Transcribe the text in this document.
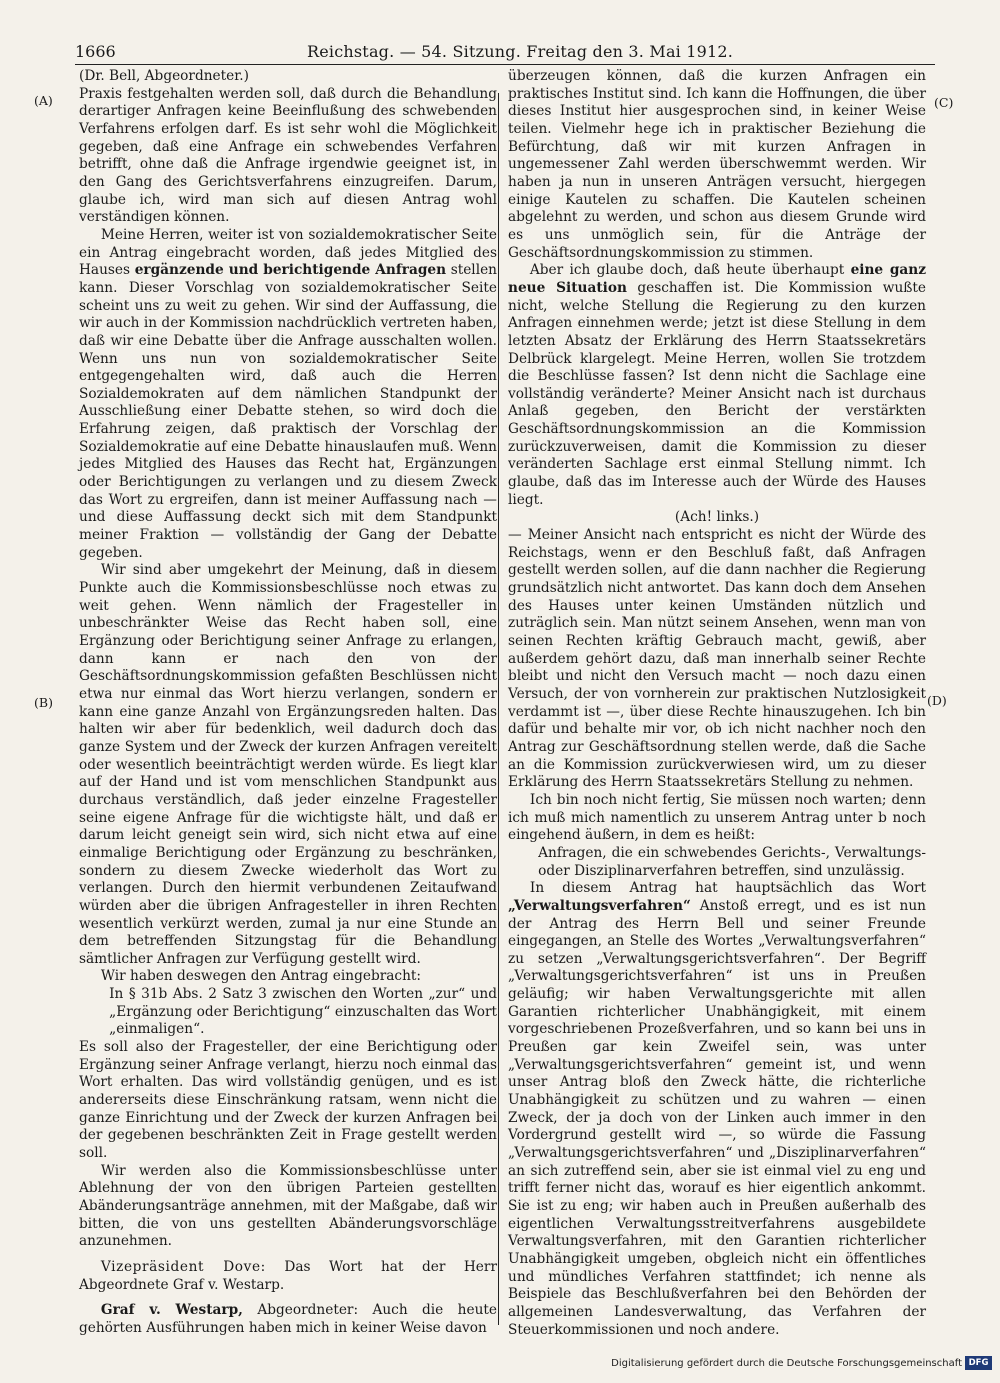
1666	Reichstag. — 54. Sitzung. Freitag den 3. Mai 1912.
(A)
(B)
(C)
(D)

(Dr. Bell, Abgeordneter.)

Praxis festgehalten werden soll, daß durch die Behandlung derartiger Anfragen keine Beeinflußung des schwebenden Verfahrens erfolgen darf. Es ist sehr wohl die Möglichkeit gegeben, daß eine Anfrage ein schwebendes Verfahren betrifft, ohne daß die Anfrage irgendwie geeignet ist, in den Gang des Gerichtsverfahrens einzugreifen. Darum, glaube ich, wird man sich auf diesen Antrag wohl verständigen können.

Meine Herren, weiter ist von sozialdemokratischer Seite ein Antrag eingebracht worden, daß jedes Mitglied des Hauses ergänzende und berichtigende Anfragen stellen kann. Dieser Vorschlag von sozialdemokratischer Seite scheint uns zu weit zu gehen. Wir sind der Auffassung, die wir auch in der Kommission nachdrücklich vertreten haben, daß wir eine Debatte über die Anfrage ausschalten wollen. Wenn uns nun von sozialdemokratischer Seite entgegengehalten wird, daß auch die Herren Sozialdemokraten auf dem nämlichen Standpunkt der Ausschließung einer Debatte stehen, so wird doch die Erfahrung zeigen, daß praktisch der Vorschlag der Sozialdemokratie auf eine Debatte hinauslaufen muß. Wenn jedes Mitglied des Hauses das Recht hat, Ergänzungen oder Berichtigungen zu verlangen und zu diesem Zweck das Wort zu ergreifen, dann ist meiner Auffassung nach — und diese Auffassung deckt sich mit dem Standpunkt meiner Fraktion — vollständig der Gang der Debatte gegeben.

Wir sind aber umgekehrt der Meinung, daß in diesem Punkte auch die Kommissionsbeschlüsse noch etwas zu weit gehen. Wenn nämlich der Fragesteller in unbeschränkter Weise das Recht haben soll, eine Ergänzung oder Berichtigung seiner Anfrage zu erlangen, dann kann er nach den von der Geschäftsordnungskommission gefaßten Beschlüssen nicht etwa nur einmal das Wort hierzu verlangen, sondern er kann eine ganze Anzahl von Ergänzungsreden halten. Das halten wir aber für bedenklich, weil dadurch doch das ganze System und der Zweck der kurzen Anfragen vereitelt oder wesentlich beeinträchtigt werden würde. Es liegt klar auf der Hand und ist vom menschlichen Standpunkt aus durchaus verständlich, daß jeder einzelne Fragesteller seine eigene Anfrage für die wichtigste hält, und daß er darum leicht geneigt sein wird, sich nicht etwa auf eine einmalige Berichtigung oder Ergänzung zu beschränken, sondern zu diesem Zwecke wiederholt das Wort zu verlangen. Durch den hiermit verbundenen Zeitaufwand würden aber die übrigen Anfragesteller in ihren Rechten wesentlich verkürzt werden, zumal ja nur eine Stunde an dem betreffenden Sitzungstag für die Behandlung sämtlicher Anfragen zur Verfügung gestellt wird.

Wir haben deswegen den Antrag eingebracht:

In § 31b Abs. 2 Satz 3 zwischen den Worten „zur“ und „Ergänzung oder Berichtigung“ einzuschalten das Wort „einmaligen“.

Es soll also der Fragesteller, der eine Berichtigung oder Ergänzung seiner Anfrage verlangt, hierzu noch einmal das Wort erhalten. Das wird vollständig genügen, und es ist andererseits diese Einschränkung ratsam, wenn nicht die ganze Einrichtung und der Zweck der kurzen Anfragen bei der gegebenen beschränkten Zeit in Frage gestellt werden soll.

Wir werden also die Kommissionsbeschlüsse unter Ablehnung der von den übrigen Parteien gestellten Abänderungsanträge annehmen, mit der Maßgabe, daß wir bitten, die von uns gestellten Abänderungsvorschläge anzunehmen.

Vizepräsident Dove: Das Wort hat der Herr Abgeordnete Graf v. Westarp.

Graf v. Westarp, Abgeordneter: Auch die heute gehörten Ausführungen haben mich in keiner Weise davon

überzeugen können, daß die kurzen Anfragen ein praktisches Institut sind. Ich kann die Hoffnungen, die über dieses Institut hier ausgesprochen sind, in keiner Weise teilen. Vielmehr hege ich in praktischer Beziehung die Befürchtung, daß wir mit kurzen Anfragen in ungemessener Zahl werden überschwemmt werden. Wir haben ja nun in unseren Anträgen versucht, hiergegen einige Kautelen zu schaffen. Die Kautelen scheinen abgelehnt zu werden, und schon aus diesem Grunde wird es uns unmöglich sein, für die Anträge der Geschäftsordnungskommission zu stimmen.

Aber ich glaube doch, daß heute überhaupt eine ganz neue Situation geschaffen ist. Die Kommission wußte nicht, welche Stellung die Regierung zu den kurzen Anfragen einnehmen werde; jetzt ist diese Stellung in dem letzten Absatz der Erklärung des Herrn Staatssekretärs Delbrück klargelegt. Meine Herren, wollen Sie trotzdem die Beschlüsse fassen? Ist denn nicht die Sachlage eine vollständig veränderte? Meiner Ansicht nach ist durchaus Anlaß gegeben, den Bericht der verstärkten Geschäftsordnungskommission an die Kommission zurückzuverweisen, damit die Kommission zu dieser veränderten Sachlage erst einmal Stellung nimmt. Ich glaube, daß das im Interesse auch der Würde des Hauses liegt.

(Ach! links.)

— Meiner Ansicht nach entspricht es nicht der Würde des Reichstags, wenn er den Beschluß faßt, daß Anfragen gestellt werden sollen, auf die dann nachher die Regierung grundsätzlich nicht antwortet. Das kann doch dem Ansehen des Hauses unter keinen Umständen nützlich und zuträglich sein. Man nützt seinem Ansehen, wenn man von seinen Rechten kräftig Gebrauch macht, gewiß, aber außerdem gehört dazu, daß man innerhalb seiner Rechte bleibt und nicht den Versuch macht — noch dazu einen Versuch, der von vornherein zur praktischen Nutzlosigkeit verdammt ist —, über diese Rechte hinauszugehen. Ich bin dafür und behalte mir vor, ob ich nicht nachher noch den Antrag zur Geschäftsordnung stellen werde, daß die Sache an die Kommission zurückverwiesen wird, um zu dieser Erklärung des Herrn Staatssekretärs Stellung zu nehmen.

Ich bin noch nicht fertig, Sie müssen noch warten; denn ich muß mich namentlich zu unserem Antrag unter b noch eingehend äußern, in dem es heißt:

Anfragen, die ein schwebendes Gerichts-, Verwaltungs- oder Disziplinarverfahren betreffen, sind unzulässig.

In diesem Antrag hat hauptsächlich das Wort „Verwaltungsverfahren“ Anstoß erregt, und es ist nun der Antrag des Herrn Bell und seiner Freunde eingegangen, an Stelle des Wortes „Verwaltungsverfahren“ zu setzen „Verwaltungsgerichtsverfahren“. Der Begriff „Verwaltungsgerichtsverfahren“ ist uns in Preußen geläufig; wir haben Verwaltungsgerichte mit allen Garantien richterlicher Unabhängigkeit, mit einem vorgeschriebenen Prozeßverfahren, und so kann bei uns in Preußen gar kein Zweifel sein, was unter „Verwaltungsgerichtsverfahren“ gemeint ist, und wenn unser Antrag bloß den Zweck hätte, die richterliche Unabhängigkeit zu schützen und zu wahren — einen Zweck, der ja doch von der Linken auch immer in den Vordergrund gestellt wird —, so würde die Fassung „Verwaltungsgerichtsverfahren“ und „Disziplinarverfahren“ an sich zutreffend sein, aber sie ist einmal viel zu eng und trifft ferner nicht das, worauf es hier eigentlich ankommt. Sie ist zu eng; wir haben auch in Preußen außerhalb des eigentlichen Verwaltungsstreitverfahrens ausgebildete Verwaltungsverfahren, mit den Garantien richterlicher Unabhängigkeit umgeben, obgleich nicht ein öffentliches und mündliches Verfahren stattfindet; ich nenne als Beispiele das Beschlußverfahren bei den Behörden der allgemeinen Landesverwaltung, das Verfahren der Steuerkommissionen und noch andere.

Digitalisierung gefördert durch die Deutsche Forschungsgemeinschaft DFG
